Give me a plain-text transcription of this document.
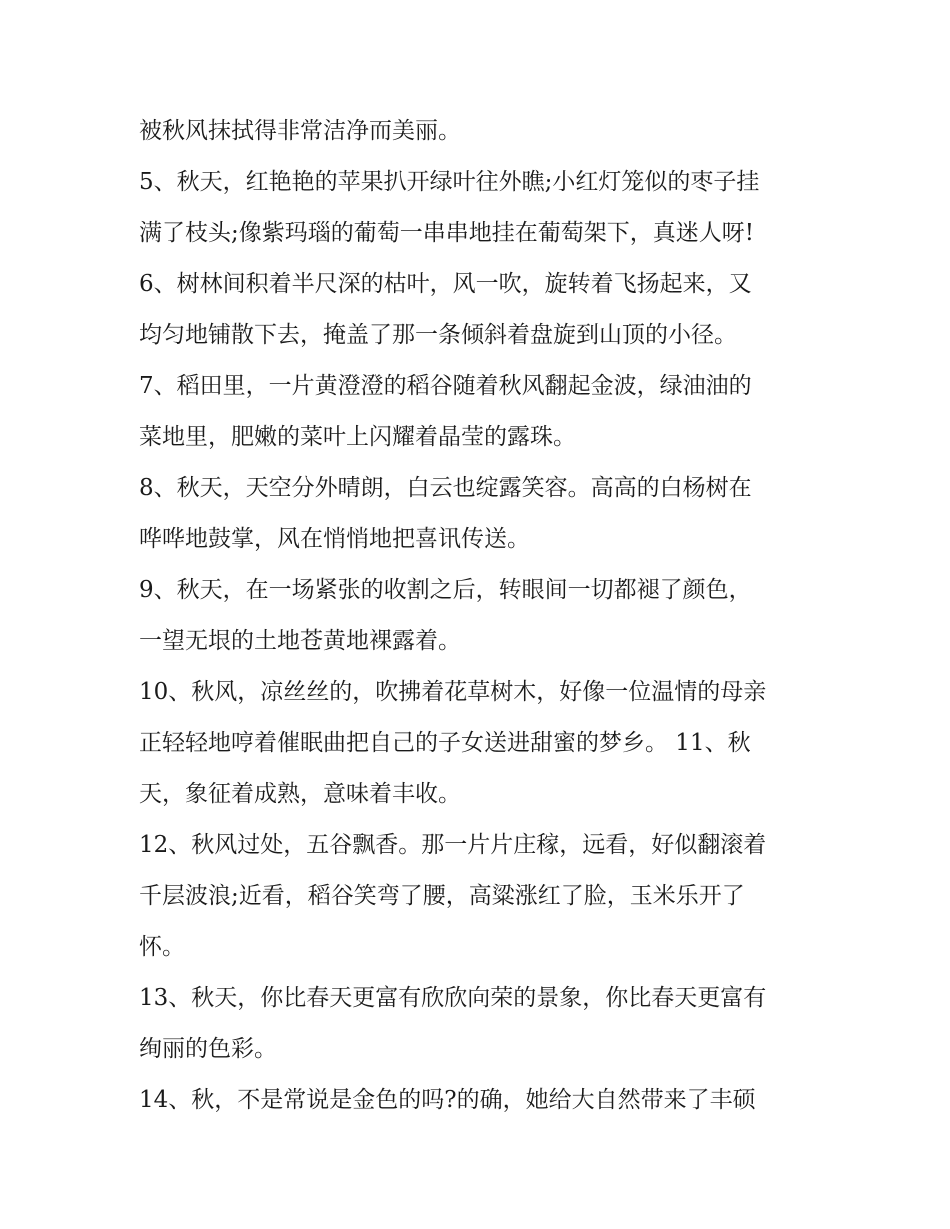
被秋风抹拭得非常洁净而美丽。
5、秋天，红艳艳的苹果扒开绿叶往外瞧;小红灯笼似的枣子挂
满了枝头;像紫玛瑙的葡萄一串串地挂在葡萄架下，真迷人呀!
6、树林间积着半尺深的枯叶，风一吹，旋转着飞扬起来，又
均匀地铺散下去，掩盖了那一条倾斜着盘旋到山顶的小径。
7、稻田里，一片黄澄澄的稻谷随着秋风翻起金波，绿油油的
菜地里，肥嫩的菜叶上闪耀着晶莹的露珠。
8、秋天，天空分外晴朗，白云也绽露笑容。高高的白杨树在
哗哗地鼓掌，风在悄悄地把喜讯传送。
9、秋天，在一场紧张的收割之后，转眼间一切都褪了颜色，
一望无垠的土地苍黄地裸露着。
10、秋风，凉丝丝的，吹拂着花草树木，好像一位温情的母亲
正轻轻地哼着催眠曲把自己的子女送进甜蜜的梦乡。 11、秋
天，象征着成熟，意味着丰收。
12、秋风过处，五谷飘香。那一片片庄稼，远看，好似翻滚着
千层波浪;近看，稻谷笑弯了腰，高粱涨红了脸，玉米乐开了
怀。
13、秋天，你比春天更富有欣欣向荣的景象，你比春天更富有
绚丽的色彩。
14、秋，不是常说是金色的吗?的确，她给大自然带来了丰硕
